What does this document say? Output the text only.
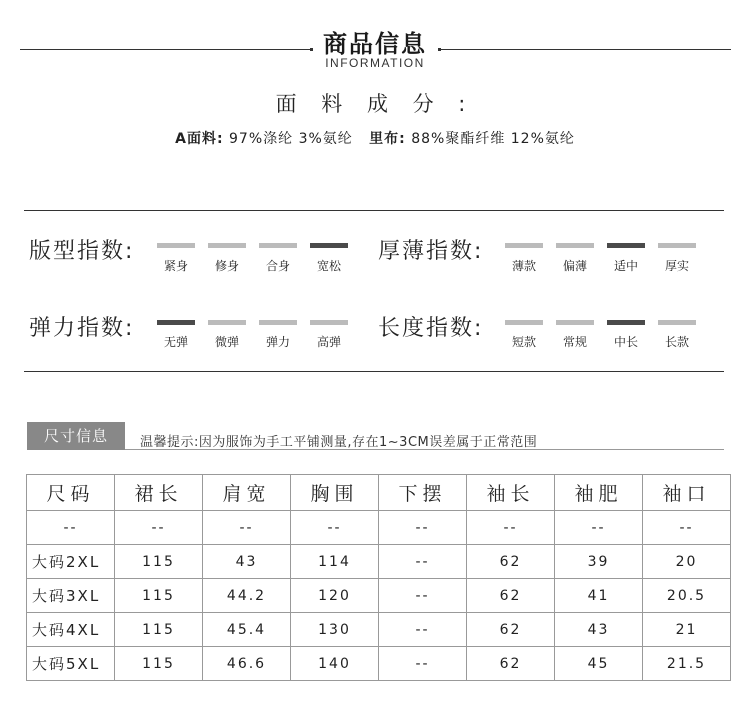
商品信息
INFORMATION
面 料 成 分 :
A面料: 97%涤纶 3%氨纶 里布: 88%聚酯纤维 12%氨纶
版型指数:	厚薄指数:
弹力指数:	长度指数:
紧身	修身	合身	宽松	薄款	偏薄	适中	厚实
无弹	微弹	弹力	高弹	短款	常规	中长	长款
尺寸信息	温馨提示:因为服饰为手工平铺测量,存在1~3CM误差属于正常范围
尺码	裙长	肩宽	胸围	下摆	袖长	袖肥	袖口
--	--	--	--	--	--	--	--
大码2XL	115	43	114	--	62	39	20
大码3XL	115	44.2	120	--	62	41	20.5
大码4XL	115	45.4	130	--	62	43	21
大码5XL	115	46.6	140	--	62	45	21.5
